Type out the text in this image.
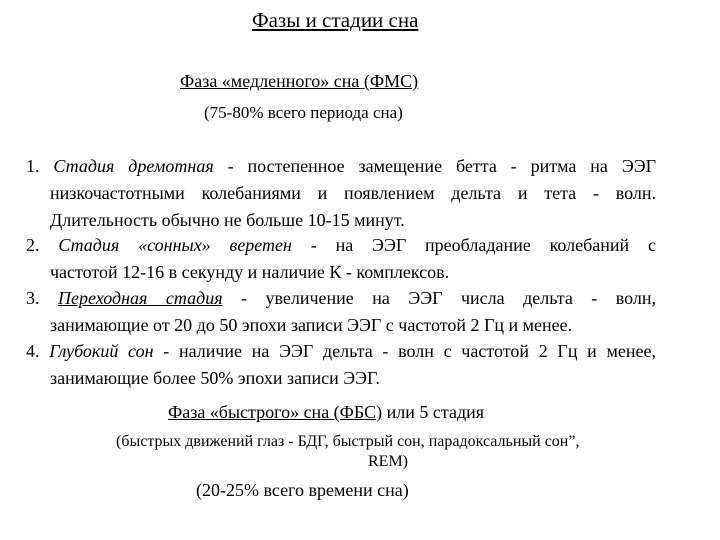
Фазы и стадии сна
Фаза «медленного» сна (ФМС)
(75-80% всего периода сна)
1. Стадия дремотная - постепенное замещение бетта - ритма на ЭЭГ
низкочастотными колебаниями и появлением дельта и тета - волн.
Длительность обычно не больше 10-15 минут.
2. Стадия «сонных» веретен - на ЭЭГ преобладание колебаний с
частотой 12-16 в секунду и наличие К - комплексов.
3. Переходная стадия - увеличение на ЭЭГ числа дельта - волн,
занимающие от 20 до 50 эпохи записи ЭЭГ с частотой 2 Гц и менее.
4. Глубокий сон - наличие на ЭЭГ дельта - волн с частотой 2 Гц и менее,
занимающие более 50% эпохи записи ЭЭГ.
Фаза «быстрого» сна (ФБС) или 5 стадия
(быстрых движений глаз - БДГ, быстрый сон, парадоксальный сон”,
REM)
(20-25% всего времени сна)
